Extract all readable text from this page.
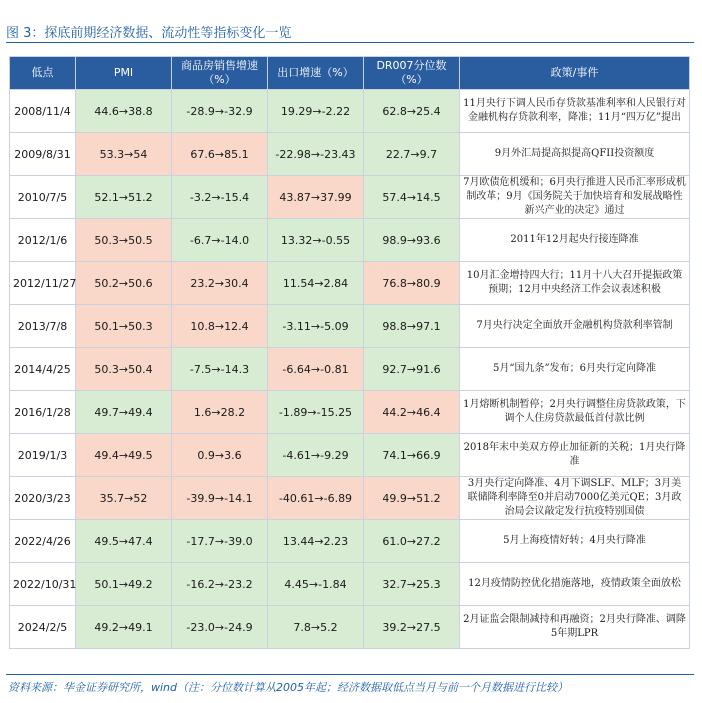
图 3：探底前期经济数据、流动性等指标变化一览
低点	PMI	商品房销售增速（%）	出口增速（%）	DR007分位数（%）	政策/事件
2008/11/4	44.6→38.8	-28.9→-32.9	19.29→-2.22	62.8→25.4	11月央行下调人民币存贷款基准利率和人民银行对金融机构存贷款利率，降准；11月“四万亿”提出
2009/8/31	53.3→54	67.6→85.1	-22.98→-23.43	22.7→9.7	9月外汇局提高拟提高QFII投资额度
2010/7/5	52.1→51.2	-3.2→-15.4	43.87→37.99	57.4→14.5	7月欧债危机缓和；6月央行推进人民币汇率形成机制改革；9月《国务院关于加快培育和发展战略性新兴产业的决定》通过
2012/1/6	50.3→50.5	-6.7→-14.0	13.32→-0.55	98.9→93.6	2011年12月起央行接连降准
2012/11/27	50.2→50.6	23.2→30.4	11.54→2.84	76.8→80.9	10月汇金增持四大行；11月十八大召开提振政策预期；12月中央经济工作会议表述积极
2013/7/8	50.1→50.3	10.8→12.4	-3.11→-5.09	98.8→97.1	7月央行决定全面放开金融机构贷款利率管制
2014/4/25	50.3→50.4	-7.5→-14.3	-6.64→-0.81	92.7→91.6	5月“国九条”发布；6月央行定向降准
2016/1/28	49.7→49.4	1.6→28.2	-1.89→-15.25	44.2→46.4	1月熔断机制暂停；2月央行调整住房贷款政策，下调个人住房贷款最低首付款比例
2019/1/3	49.4→49.5	0.9→3.6	-4.61→-9.29	74.1→66.9	2018年末中美双方停止加征新的关税；1月央行降准
2020/3/23	35.7→52	-39.9→-14.1	-40.61→-6.89	49.9→51.2	3月央行定向降准、4月下调SLF、MLF；3月美联储降利率降至0并启动7000亿美元QE；3月政治局会议敲定发行抗疫特别国债
2022/4/26	49.5→47.4	-17.7→-39.0	13.44→2.23	61.0→27.2	5月上海疫情好转；4月央行降准
2022/10/31	50.1→49.2	-16.2→-23.2	4.45→-1.84	32.7→25.3	12月疫情防控优化措施落地，疫情政策全面放松
2024/2/5	49.2→49.1	-23.0→-24.9	7.8→5.2	39.2→27.5	2月证监会限制减持和再融资；2月央行降准、调降5年期LPR
资料来源：华金证券研究所，wind（注：分位数计算从2005年起；经济数据取低点当月与前一个月数据进行比较）
